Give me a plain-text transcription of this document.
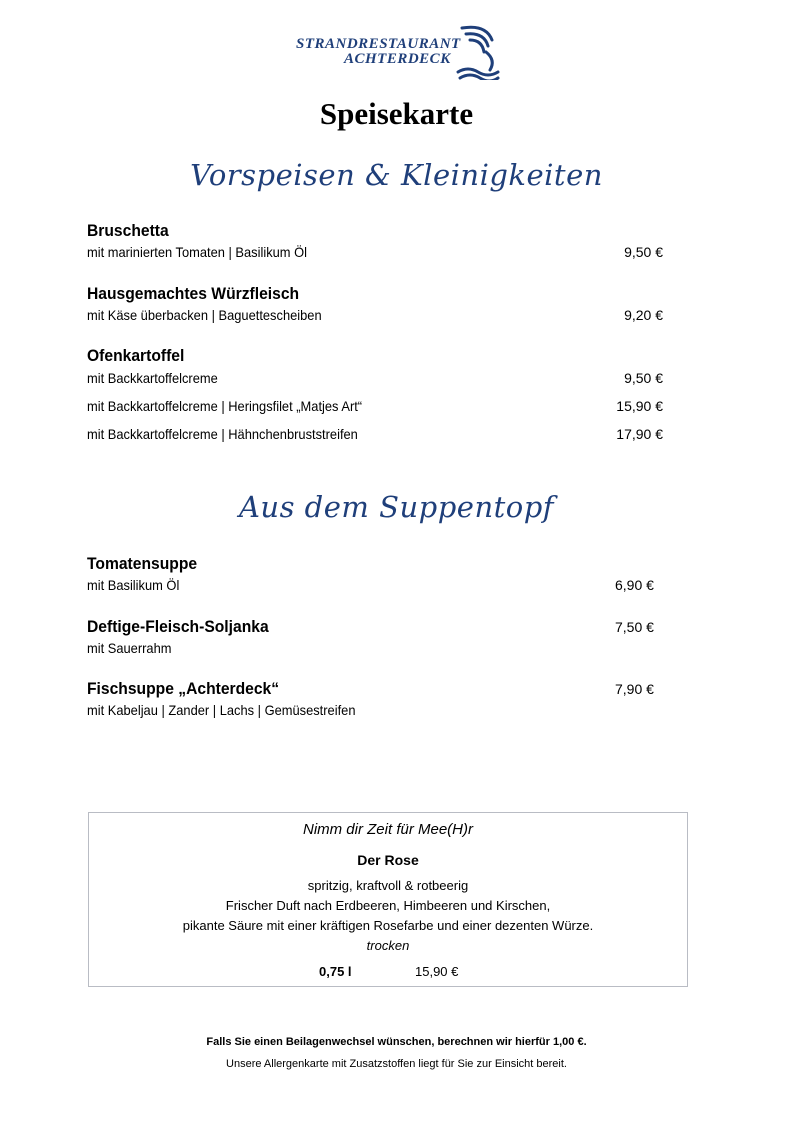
STRANDRESTAURANT
ACHTERDECK
Speisekarte
Vorspeisen & Kleinigkeiten
Bruschetta
mit marinierten Tomaten | Basilikum Öl	9,50 €
Hausgemachtes Würzfleisch
mit Käse überbacken | Baguettescheiben	9,20 €
Ofenkartoffel
mit Backkartoffelcreme	9,50 €
mit Backkartoffelcreme | Heringsfilet „Matjes Art“	15,90 €
mit Backkartoffelcreme | Hähnchenbruststreifen	17,90 €
Aus dem Suppentopf
Tomatensuppe
mit Basilikum Öl	6,90 €
Deftige-Fleisch-Soljanka	7,50 €
mit Sauerrahm
Fischsuppe „Achterdeck“	7,90 €
mit Kabeljau | Zander | Lachs | Gemüsestreifen
Nimm dir Zeit für Mee(H)r
Der Rose
spritzig, kraftvoll & rotbeerig
Frischer Duft nach Erdbeeren, Himbeeren und Kirschen,
pikante Säure mit einer kräftigen Rosefarbe und einer dezenten Würze.
trocken
0,75 l	15,90 €
Falls Sie einen Beilagenwechsel wünschen, berechnen wir hierfür 1,00 €.
Unsere Allergenkarte mit Zusatzstoffen liegt für Sie zur Einsicht bereit.
